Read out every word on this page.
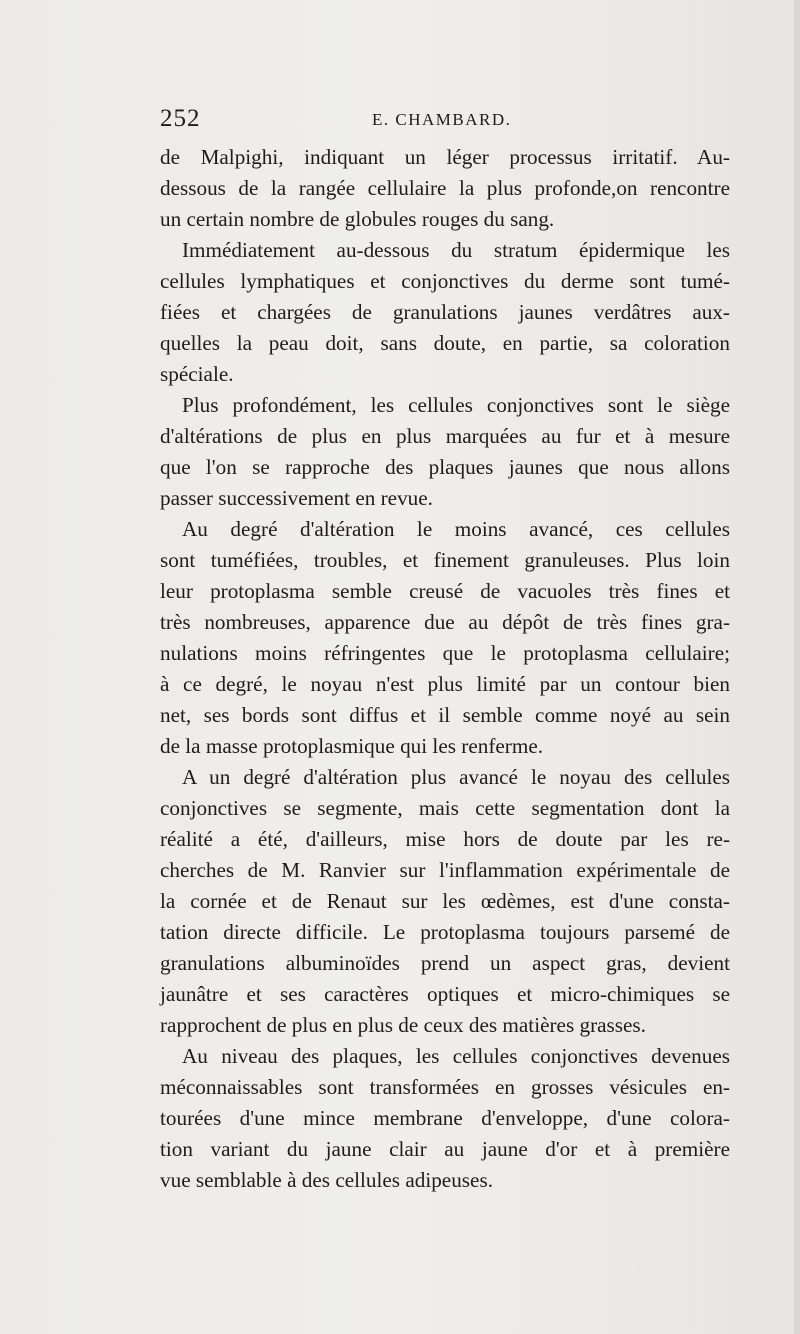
252	E. CHAMBARD.
de Malpighi, indiquant un léger processus irritatif. Au-
dessous de la rangée cellulaire la plus profonde,on rencontre
un certain nombre de globules rouges du sang.
Immédiatement au-dessous du stratum épidermique les
cellules lymphatiques et conjonctives du derme sont tumé-
fiées et chargées de granulations jaunes verdâtres aux-
quelles la peau doit, sans doute, en partie, sa coloration
spéciale.
Plus profondément, les cellules conjonctives sont le siège
d'altérations de plus en plus marquées au fur et à mesure
que l'on se rapproche des plaques jaunes que nous allons
passer successivement en revue.
Au degré d'altération le moins avancé, ces cellules
sont tuméfiées, troubles, et finement granuleuses. Plus loin
leur protoplasma semble creusé de vacuoles très fines et
très nombreuses, apparence due au dépôt de très fines gra-
nulations moins réfringentes que le protoplasma cellulaire;
à ce degré, le noyau n'est plus limité par un contour bien
net, ses bords sont diffus et il semble comme noyé au sein
de la masse protoplasmique qui les renferme.
A un degré d'altération plus avancé le noyau des cellules
conjonctives se segmente, mais cette segmentation dont la
réalité a été, d'ailleurs, mise hors de doute par les re-
cherches de M. Ranvier sur l'inflammation expérimentale de
la cornée et de Renaut sur les œdèmes, est d'une consta-
tation directe difficile. Le protoplasma toujours parsemé de
granulations albuminoïdes prend un aspect gras, devient
jaunâtre et ses caractères optiques et micro-chimiques se
rapprochent de plus en plus de ceux des matières grasses.
Au niveau des plaques, les cellules conjonctives devenues
méconnaissables sont transformées en grosses vésicules en-
tourées d'une mince membrane d'enveloppe, d'une colora-
tion variant du jaune clair au jaune d'or et à première
vue semblable à des cellules adipeuses.
